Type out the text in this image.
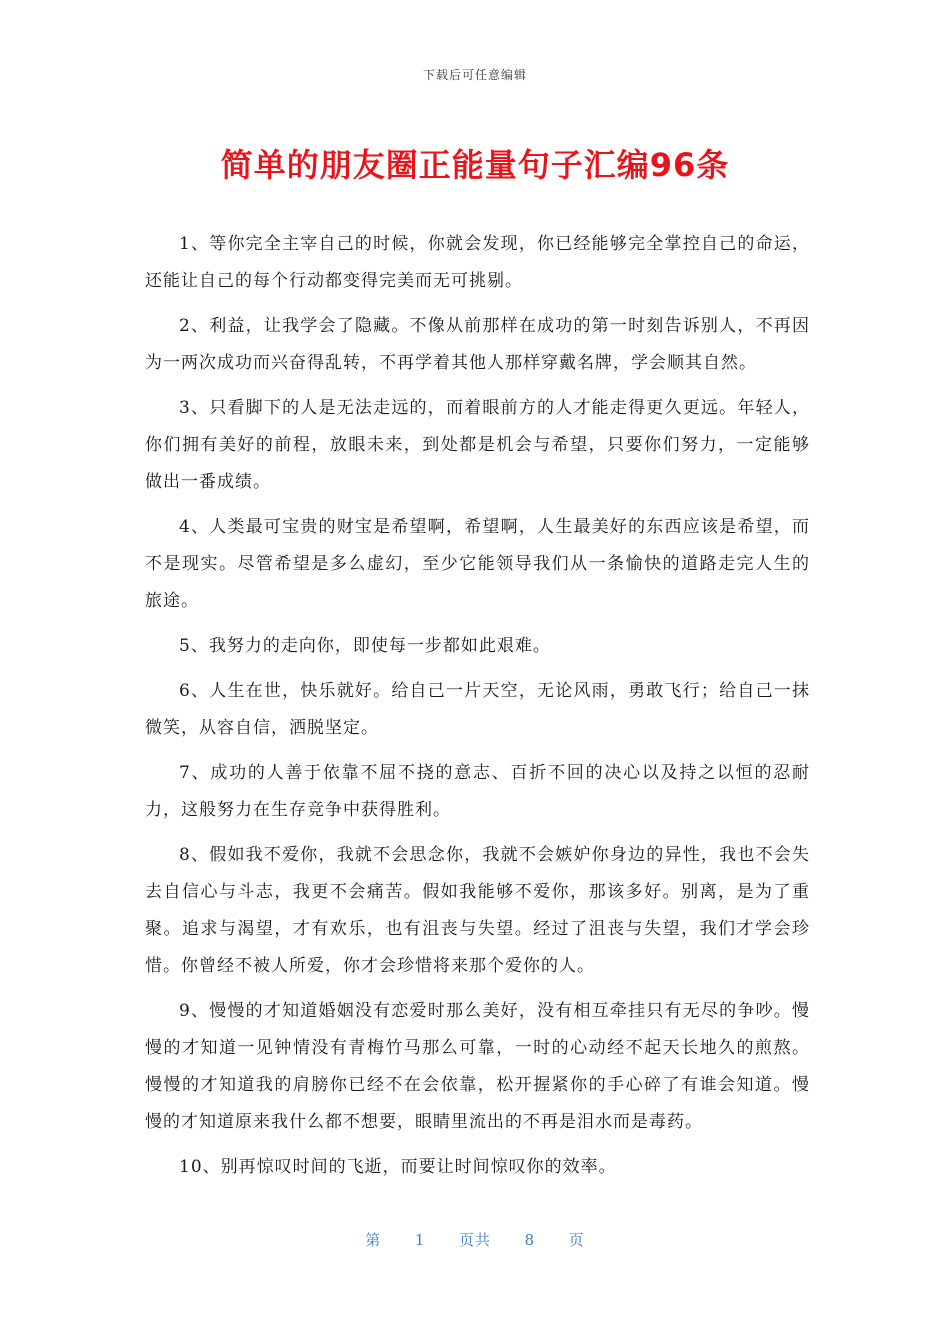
下载后可任意编辑
简单的朋友圈正能量句子汇编96条

1、等你完全主宰自己的时候，你就会发现，你已经能够完全掌控自己的命运，还能让自己的每个行动都变得完美而无可挑剔。

2、利益，让我学会了隐藏。不像从前那样在成功的第一时刻告诉别人，不再因为一两次成功而兴奋得乱转，不再学着其他人那样穿戴名牌，学会顺其自然。

3、只看脚下的人是无法走远的，而着眼前方的人才能走得更久更远。年轻人，你们拥有美好的前程，放眼未来，到处都是机会与希望，只要你们努力，一定能够做出一番成绩。

4、人类最可宝贵的财宝是希望啊，希望啊，人生最美好的东西应该是希望，而不是现实。尽管希望是多么虚幻，至少它能领导我们从一条愉快的道路走完人生的旅途。

5、我努力的走向你，即使每一步都如此艰难。

6、人生在世，快乐就好。给自己一片天空，无论风雨，勇敢飞行；给自己一抹微笑，从容自信，洒脱坚定。

7、成功的人善于依靠不屈不挠的意志、百折不回的决心以及持之以恒的忍耐力，这般努力在生存竞争中获得胜利。

8、假如我不爱你，我就不会思念你，我就不会嫉妒你身边的异性，我也不会失去自信心与斗志，我更不会痛苦。假如我能够不爱你，那该多好。别离，是为了重聚。追求与渴望，才有欢乐，也有沮丧与失望。经过了沮丧与失望，我们才学会珍惜。你曾经不被人所爱，你才会珍惜将来那个爱你的人。

9、慢慢的才知道婚姻没有恋爱时那么美好，没有相互牵挂只有无尽的争吵。慢慢的才知道一见钟情没有青梅竹马那么可靠，一时的心动经不起天长地久的煎熬。慢慢的才知道我的肩膀你已经不在会依靠，松开握紧你的手心碎了有谁会知道。慢慢的才知道原来我什么都不想要，眼睛里流出的不再是泪水而是毒药。

10、别再惊叹时间的飞逝，而要让时间惊叹你的效率。

第 1 页共 8 页
